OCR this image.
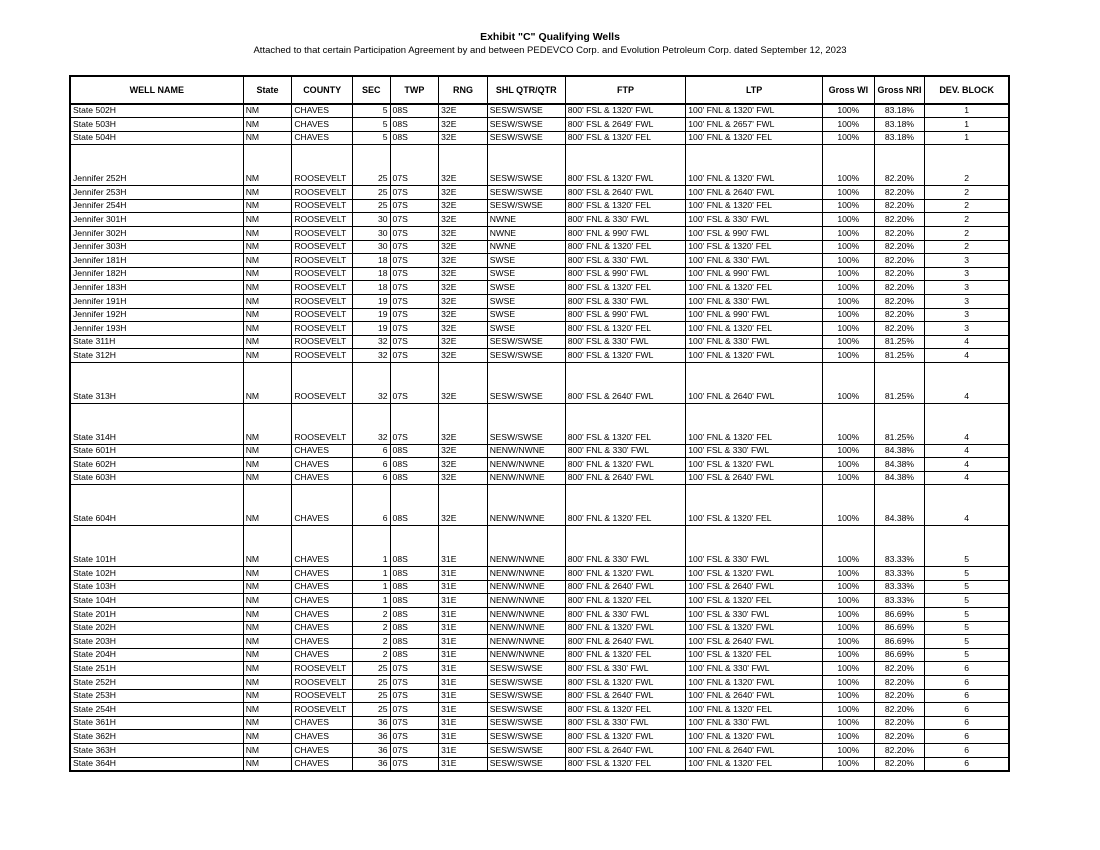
Exhibit "C" Qualifying Wells
Attached to that certain Participation Agreement by and between PEDEVCO Corp. and Evolution Petroleum Corp. dated September 12, 2023
WELL NAME	State	COUNTY	SEC	TWP	RNG	SHL QTR/QTR	FTP	LTP	Gross WI	Gross NRI	DEV. BLOCK
State 502H	NM	CHAVES	5	08S	32E	SESW/SWSE	800' FSL & 1320' FWL	100' FNL & 1320' FWL	100%	83.18%	1
State 503H	NM	CHAVES	5	08S	32E	SESW/SWSE	800' FSL & 2649' FWL	100' FNL & 2657' FWL	100%	83.18%	1
State 504H	NM	CHAVES	5	08S	32E	SESW/SWSE	800' FSL & 1320' FEL	100' FNL & 1320' FEL	100%	83.18%	1
Jennifer 252H	NM	ROOSEVELT	25	07S	32E	SESW/SWSE	800' FSL & 1320' FWL	100' FNL & 1320' FWL	100%	82.20%	2
Jennifer 253H	NM	ROOSEVELT	25	07S	32E	SESW/SWSE	800' FSL & 2640' FWL	100' FNL & 2640' FWL	100%	82.20%	2
Jennifer 254H	NM	ROOSEVELT	25	07S	32E	SESW/SWSE	800' FSL & 1320' FEL	100' FNL & 1320' FEL	100%	82.20%	2
Jennifer 301H	NM	ROOSEVELT	30	07S	32E	NWNE	800' FNL & 330' FWL	100' FSL & 330' FWL	100%	82.20%	2
Jennifer 302H	NM	ROOSEVELT	30	07S	32E	NWNE	800' FNL & 990' FWL	100' FSL & 990' FWL	100%	82.20%	2
Jennifer 303H	NM	ROOSEVELT	30	07S	32E	NWNE	800' FNL & 1320' FEL	100' FSL & 1320' FEL	100%	82.20%	2
Jennifer 181H	NM	ROOSEVELT	18	07S	32E	SWSE	800' FSL & 330' FWL	100' FNL & 330' FWL	100%	82.20%	3
Jennifer 182H	NM	ROOSEVELT	18	07S	32E	SWSE	800' FSL & 990' FWL	100' FNL & 990' FWL	100%	82.20%	3
Jennifer 183H	NM	ROOSEVELT	18	07S	32E	SWSE	800' FSL & 1320' FEL	100' FNL & 1320' FEL	100%	82.20%	3
Jennifer 191H	NM	ROOSEVELT	19	07S	32E	SWSE	800' FSL & 330' FWL	100' FNL & 330' FWL	100%	82.20%	3
Jennifer 192H	NM	ROOSEVELT	19	07S	32E	SWSE	800' FSL & 990' FWL	100' FNL & 990' FWL	100%	82.20%	3
Jennifer 193H	NM	ROOSEVELT	19	07S	32E	SWSE	800' FSL & 1320' FEL	100' FNL & 1320' FEL	100%	82.20%	3
State 311H	NM	ROOSEVELT	32	07S	32E	SESW/SWSE	800' FSL & 330' FWL	100' FNL & 330' FWL	100%	81.25%	4
State 312H	NM	ROOSEVELT	32	07S	32E	SESW/SWSE	800' FSL & 1320' FWL	100' FNL & 1320' FWL	100%	81.25%	4
State 313H	NM	ROOSEVELT	32	07S	32E	SESW/SWSE	800' FSL & 2640' FWL	100' FNL & 2640' FWL	100%	81.25%	4
State 314H	NM	ROOSEVELT	32	07S	32E	SESW/SWSE	800' FSL & 1320' FEL	100' FNL & 1320' FEL	100%	81.25%	4
State 601H	NM	CHAVES	6	08S	32E	NENW/NWNE	800' FNL & 330' FWL	100' FSL & 330' FWL	100%	84.38%	4
State 602H	NM	CHAVES	6	08S	32E	NENW/NWNE	800' FNL & 1320' FWL	100' FSL & 1320' FWL	100%	84.38%	4
State 603H	NM	CHAVES	6	08S	32E	NENW/NWNE	800' FNL & 2640' FWL	100' FSL & 2640' FWL	100%	84.38%	4
State 604H	NM	CHAVES	6	08S	32E	NENW/NWNE	800' FNL & 1320' FEL	100' FSL & 1320' FEL	100%	84.38%	4
State 101H	NM	CHAVES	1	08S	31E	NENW/NWNE	800' FNL & 330' FWL	100' FSL & 330' FWL	100%	83.33%	5
State 102H	NM	CHAVES	1	08S	31E	NENW/NWNE	800' FNL & 1320' FWL	100' FSL & 1320' FWL	100%	83.33%	5
State 103H	NM	CHAVES	1	08S	31E	NENW/NWNE	800' FNL & 2640' FWL	100' FSL & 2640' FWL	100%	83.33%	5
State 104H	NM	CHAVES	1	08S	31E	NENW/NWNE	800' FNL & 1320' FEL	100' FSL & 1320' FEL	100%	83.33%	5
State 201H	NM	CHAVES	2	08S	31E	NENW/NWNE	800' FNL & 330' FWL	100' FSL & 330' FWL	100%	86.69%	5
State 202H	NM	CHAVES	2	08S	31E	NENW/NWNE	800' FNL & 1320' FWL	100' FSL & 1320' FWL	100%	86.69%	5
State 203H	NM	CHAVES	2	08S	31E	NENW/NWNE	800' FNL & 2640' FWL	100' FSL & 2640' FWL	100%	86.69%	5
State 204H	NM	CHAVES	2	08S	31E	NENW/NWNE	800' FNL & 1320' FEL	100' FSL & 1320' FEL	100%	86.69%	5
State 251H	NM	ROOSEVELT	25	07S	31E	SESW/SWSE	800' FSL & 330' FWL	100' FNL & 330' FWL	100%	82.20%	6
State 252H	NM	ROOSEVELT	25	07S	31E	SESW/SWSE	800' FSL & 1320' FWL	100' FNL & 1320' FWL	100%	82.20%	6
State 253H	NM	ROOSEVELT	25	07S	31E	SESW/SWSE	800' FSL & 2640' FWL	100' FNL & 2640' FWL	100%	82.20%	6
State 254H	NM	ROOSEVELT	25	07S	31E	SESW/SWSE	800' FSL & 1320' FEL	100' FNL & 1320' FEL	100%	82.20%	6
State 361H	NM	CHAVES	36	07S	31E	SESW/SWSE	800' FSL & 330' FWL	100' FNL & 330' FWL	100%	82.20%	6
State 362H	NM	CHAVES	36	07S	31E	SESW/SWSE	800' FSL & 1320' FWL	100' FNL & 1320' FWL	100%	82.20%	6
State 363H	NM	CHAVES	36	07S	31E	SESW/SWSE	800' FSL & 2640' FWL	100' FNL & 2640' FWL	100%	82.20%	6
State 364H	NM	CHAVES	36	07S	31E	SESW/SWSE	800' FSL & 1320' FEL	100' FNL & 1320' FEL	100%	82.20%	6
